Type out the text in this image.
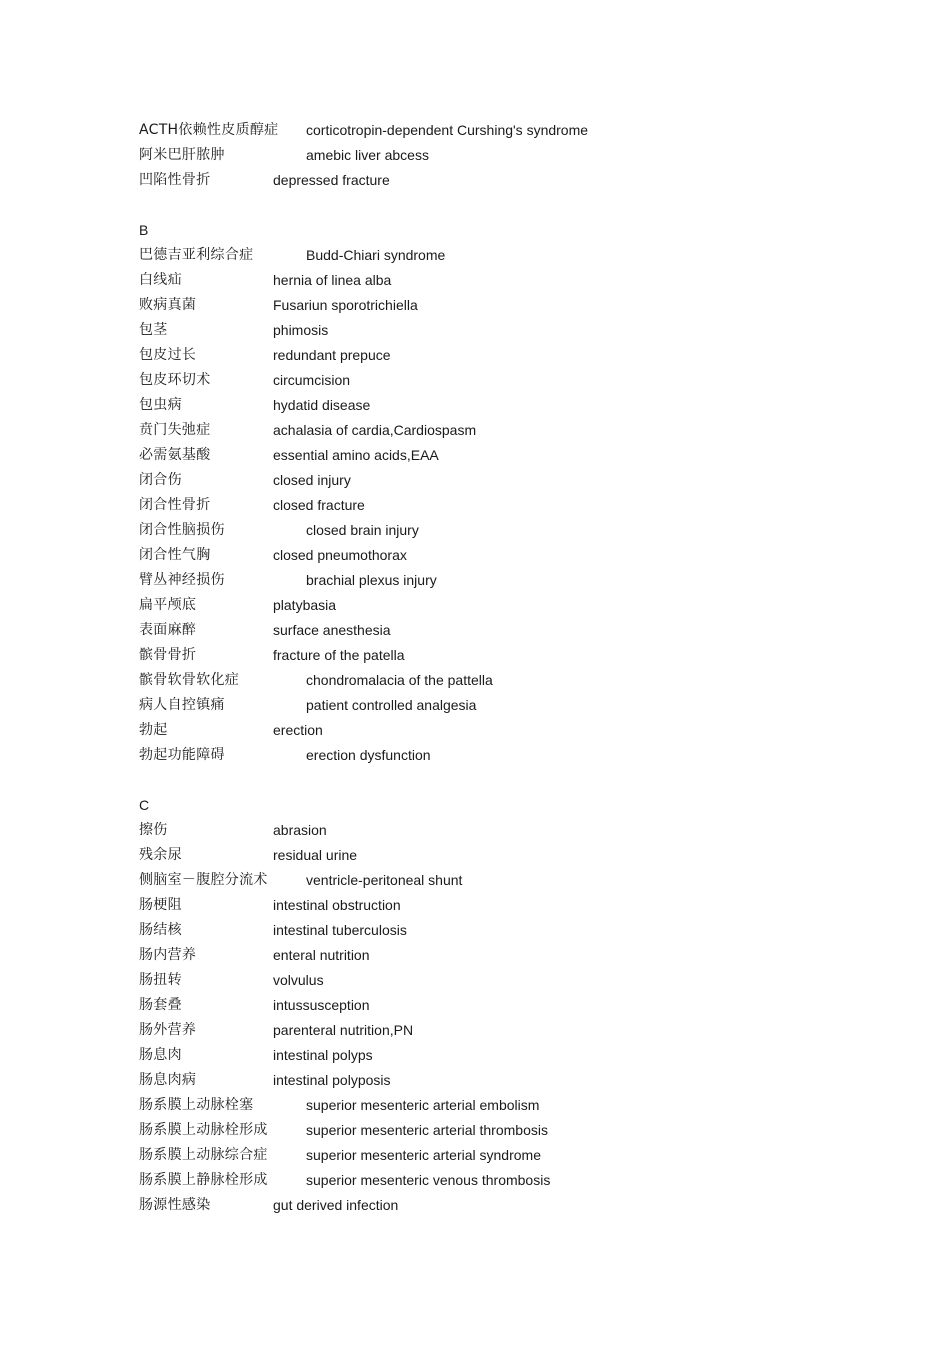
ACTH依赖性皮质醇症 corticotropin-dependent Curshing's syndrome
阿米巴肝脓肿	amebic liver abcess
凹陷性骨折	depressed fracture
B
巴德吉亚利综合症	Budd-Chiari syndrome
白线疝	hernia of linea alba
败病真菌	Fusariun sporotrichiella
包茎	phimosis
包皮过长	redundant prepuce
包皮环切术	circumcision
包虫病	hydatid disease
贲门失弛症	achalasia of cardia,Cardiospasm
必需氨基酸	essential amino acids,EAA
闭合伤	closed injury
闭合性骨折	closed fracture
闭合性脑损伤	closed brain injury
闭合性气胸	closed pneumothorax
臂丛神经损伤	brachial plexus injury
扁平颅底	platybasia
表面麻醉	surface anesthesia
髌骨骨折	fracture of the patella
髌骨软骨软化症	chondromalacia of the pattella
病人自控镇痛	patient controlled analgesia
勃起	erection
勃起功能障碍	erection dysfunction
C
擦伤	abrasion
残余尿	residual urine
侧脑室－腹腔分流术	ventricle-peritoneal shunt
肠梗阻	intestinal obstruction
肠结核	intestinal tuberculosis
肠内营养	enteral nutrition
肠扭转	volvulus
肠套叠	intussusception
肠外营养	parenteral nutrition,PN
肠息肉	intestinal polyps
肠息肉病	intestinal polyposis
肠系膜上动脉栓塞	superior mesenteric arterial embolism
肠系膜上动脉栓形成	superior mesenteric arterial thrombosis
肠系膜上动脉综合症	superior mesenteric arterial syndrome
肠系膜上静脉栓形成	superior mesenteric venous thrombosis
肠源性感染	gut derived infection
